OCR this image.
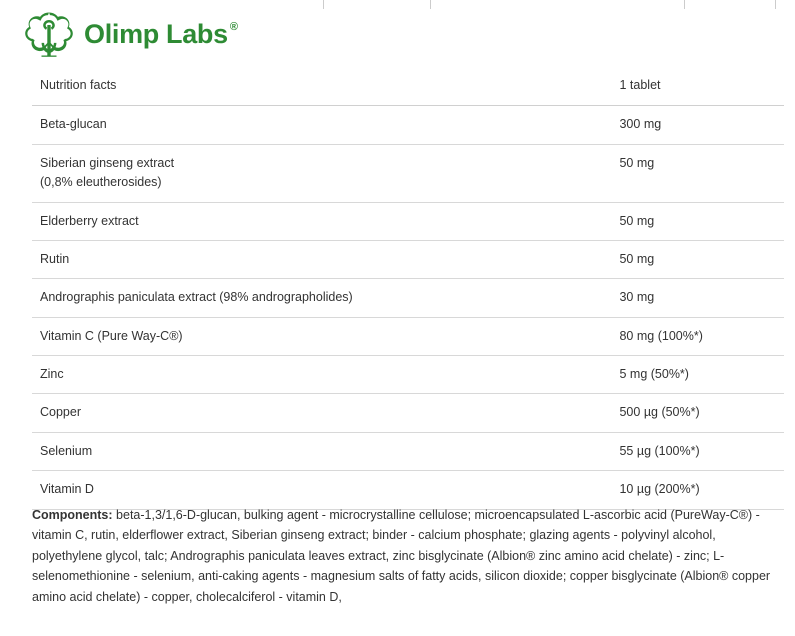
Olimp Labs ®
Nutrition facts	1 tablet
Beta-glucan	300 mg

Siberian ginseng extract
(0,8% eleutherosides)	50 mg
Elderberry extract	50 mg
Rutin	50 mg
Andrographis paniculata extract (98% andrographolides)	30 mg
Vitamin C (Pure Way-C®)	80 mg (100%*)
Zinc	5 mg (50%*)
Copper	500 µg (50%*)
Selenium	55 µg (100%*)
Vitamin D	10 µg (200%*)

Components: beta-1,3/1,6-D-glucan, bulking agent - microcrystalline cellulose; microencapsulated L-ascorbic acid (PureWay-C®) - vitamin C, rutin, elderflower extract, Siberian ginseng extract; binder - calcium phosphate; glazing agents - polyvinyl alcohol, polyethylene glycol, talc; Andrographis paniculata leaves extract, zinc bisglycinate (Albion® zinc amino acid chelate) - zinc; L-selenomethionine - selenium, anti-caking agents - magnesium salts of fatty acids, silicon dioxide; copper bisglycinate (Albion® copper amino acid chelate) - copper, cholecalciferol - vitamin D,
